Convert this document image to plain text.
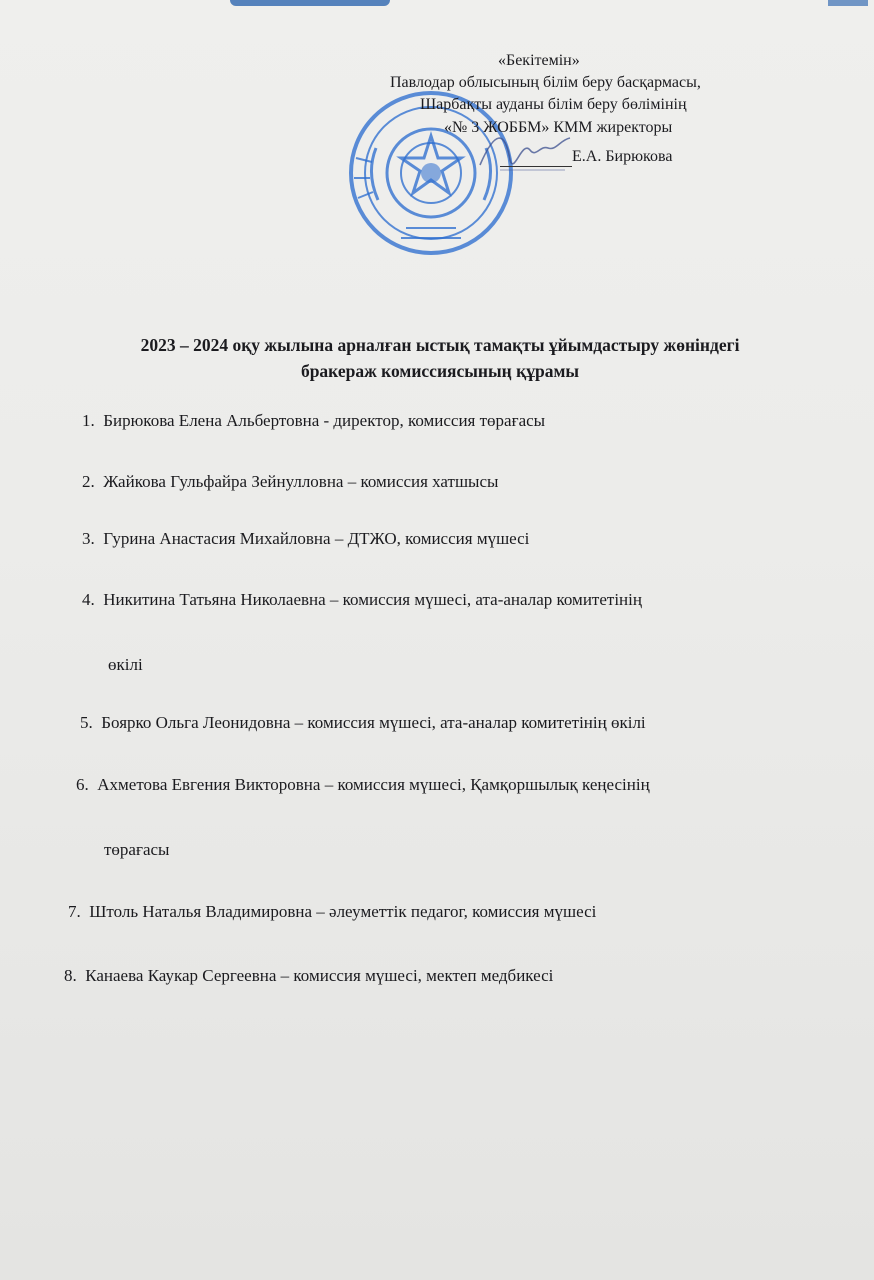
«Бекітемін»
Павлодар облысының білім беру басқармасы,
Шарбақты ауданы білім беру бөлімінің
«№ 3 ЖОББМ» КММ жиректоры
Е.А. Бирюкова
2023 – 2024 оқу жылына арналған ыстық тамақты ұйымдастыру жөніндегі
бракераж комиссиясының құрамы
1. Бирюкова Елена Альбертовна - директор, комиссия төрағасы
2. Жайкова Гульфайра Зейнулловна – комиссия хатшысы
3. Гурина Анастасия Михайловна – ДТЖО, комиссия мүшесі
4. Никитина Татьяна Николаевна – комиссия мүшесі, ата-аналар комитетінің
өкілі
5. Боярко Ольга Леонидовна – комиссия мүшесі, ата-аналар комитетінің өкілі
6. Ахметова Евгения Викторовна – комиссия мүшесі, Қамқоршылық кеңесінің
төрағасы
7. Штоль Наталья Владимировна – әлеуметтік педагог, комиссия мүшесі
8. Канаева Каукар Сергеевна – комиссия мүшесі, мектеп медбикесі
